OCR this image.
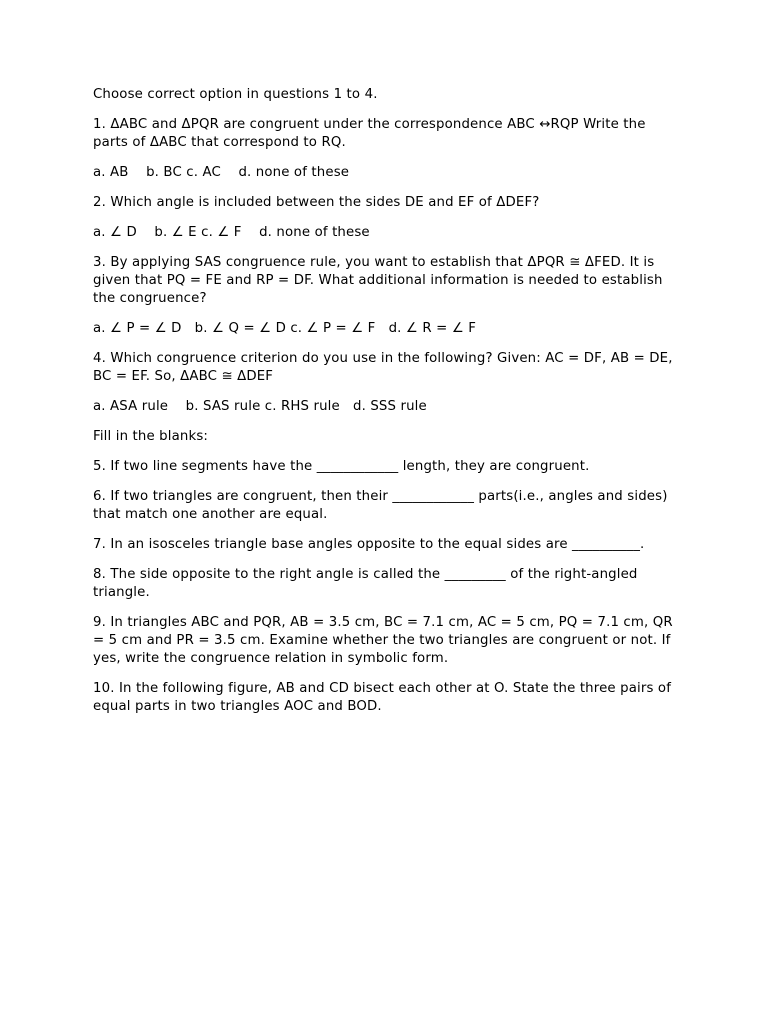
Choose correct option in questions 1 to 4.

1. ΔABC and ΔPQR are congruent under the correspondence ABC ↔RQP Write the parts of ΔABC that correspond to RQ.

a. AB    b. BC c. AC    d. none of these

2. Which angle is included between the sides DE and EF of ΔDEF?

a. ∠ D    b. ∠ E c. ∠ F    d. none of these

3. By applying SAS congruence rule, you want to establish that ΔPQR ≅ ΔFED. It is given that PQ = FE and RP = DF. What additional information is needed to establish the congruence?

a. ∠ P = ∠ D   b. ∠ Q = ∠ D c. ∠ P = ∠ F   d. ∠ R = ∠ F

4. Which congruence criterion do you use in the following? Given: AC = DF, AB = DE, BC = EF. So, ΔABC ≅ ΔDEF

a. ASA rule    b. SAS rule c. RHS rule   d. SSS rule

Fill in the blanks:

5. If two line segments have the ____________ length, they are congruent.

6. If two triangles are congruent, then their ____________ parts(i.e., angles and sides) that match one another are equal.

7. In an isosceles triangle base angles opposite to the equal sides are __________.

8. The side opposite to the right angle is called the _________ of the right-angled triangle.

9. In triangles ABC and PQR, AB = 3.5 cm, BC = 7.1 cm, AC = 5 cm, PQ = 7.1 cm, QR = 5 cm and PR = 3.5 cm. Examine whether the two triangles are congruent or not. If yes, write the congruence relation in symbolic form.

10. In the following figure, AB and CD bisect each other at O. State the three pairs of equal parts in two triangles AOC and BOD.
